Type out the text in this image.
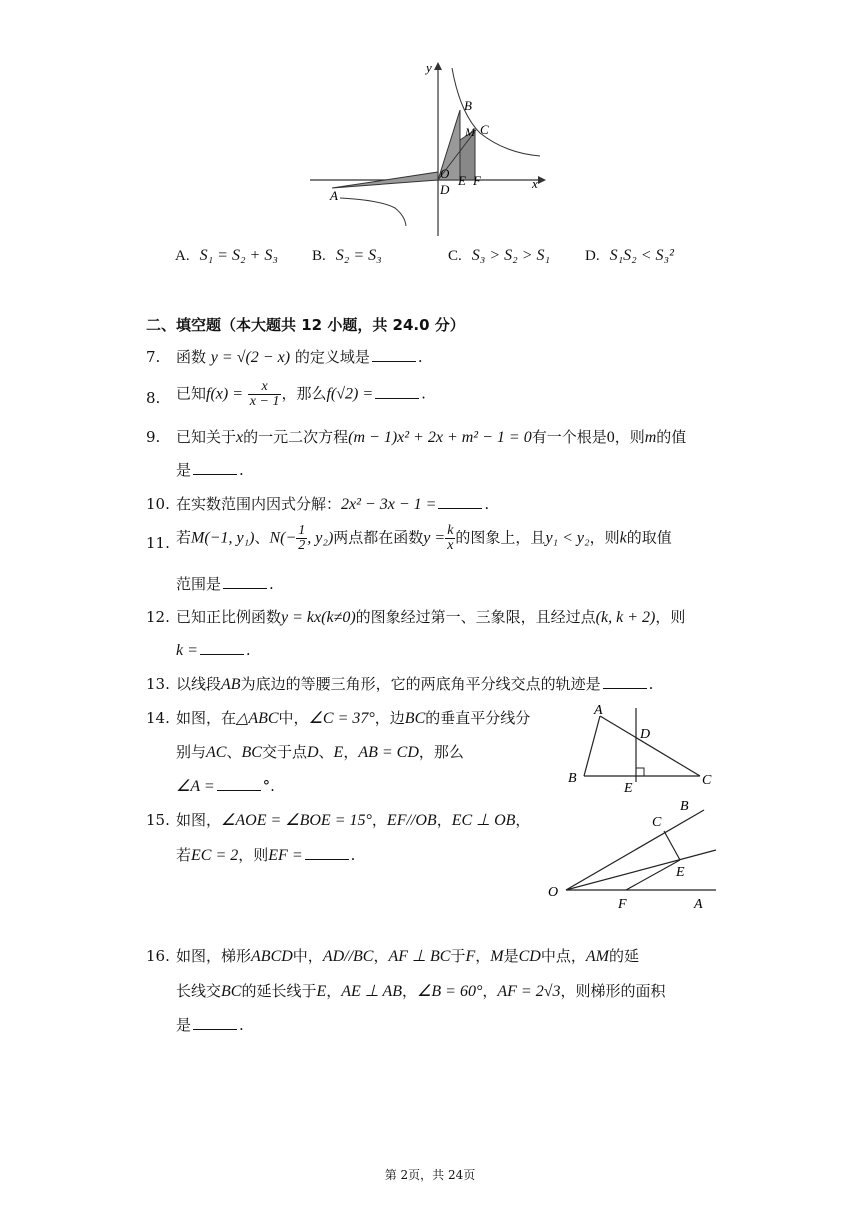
y
x
B
M C
O
D
E F
A
A. S₁ = S₂ + S₃ B. S₂ = S₃	C. S₃ > S₂ > S₁ D. S₁S₂ < S₃²
二、填空题（本大题共 12 小题，共 24.0 分）
7. 函数 y = √(2 − x) 的定义域是	.
8. 已知$f(x) = \frac{x}{x - 1}$ ，那么f(√2) =	.
9. 已知关于x的一元二次方程(m − 1)x² + 2x + m² − 1 = 0有一个根是0，则m的值
是	.
10. 在实数范围内因式分解：2x² − 3x − 1 =	.
11. 若M(−1, y₁)、$N(- \frac{1}{2}$ , y₂)两点都在函数$y = \frac{k}{x}$ 的图象上，且y₁ < y₂，则k的取值
范围是	.
12. 已知正比例函数y = kx(k≠0)的图象经过第一、三象限，且经过点(k, k + 2)，则
k =	.
13. 以线段AB为底边的等腰三角形，它的两底角平分线交点的轨迹是	.
14. 如图，在△ABC中，∠C = 37°，边BC的垂直平分线分
别与AC、BC交于点D、E，AB = CD，那么
∠A =	°.
A
B	C
D
E
15. 如图，∠AOE = ∠BOE = 15°，EF//OB，EC ⊥ OB，
若EC = 2，则EF =	.
B
C
E
O
F	A
16. 如图，梯形ABCD中，AD//BC，AF ⊥ BC于F，M是CD中点，AM的延
长线交BC的延长线于E，AE ⊥ AB，∠B = 60°，AF = 2√3，则梯形的面积
是	.
第 2页，共 24页
